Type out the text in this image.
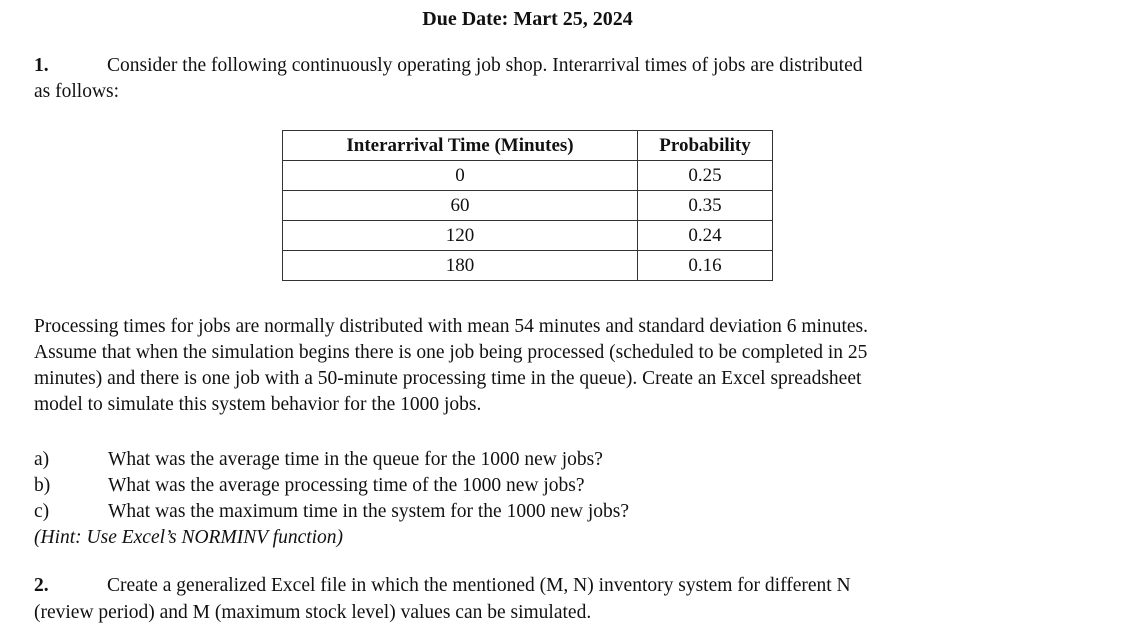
Due Date: Mart 25, 2024
1.	Consider the following continuously operating job shop. Interarrival times of jobs are distributed
as follows:
Interarrival Time (Minutes)	Probability
0	0.25
60	0.35
120	0.24
180	0.16
Processing times for jobs are normally distributed with mean 54 minutes and standard deviation 6 minutes.
Assume that when the simulation begins there is one job being processed (scheduled to be completed in 25
minutes) and there is one job with a 50-minute processing time in the queue). Create an Excel spreadsheet
model to simulate this system behavior for the 1000 jobs.
a)	What was the average time in the queue for the 1000 new jobs?
b)	What was the average processing time of the 1000 new jobs?
c)	What was the maximum time in the system for the 1000 new jobs?
(Hint: Use Excel’s NORMINV function)
2.	Create a generalized Excel file in which the mentioned (M, N) inventory system for different N
(review period) and M (maximum stock level) values can be simulated.
